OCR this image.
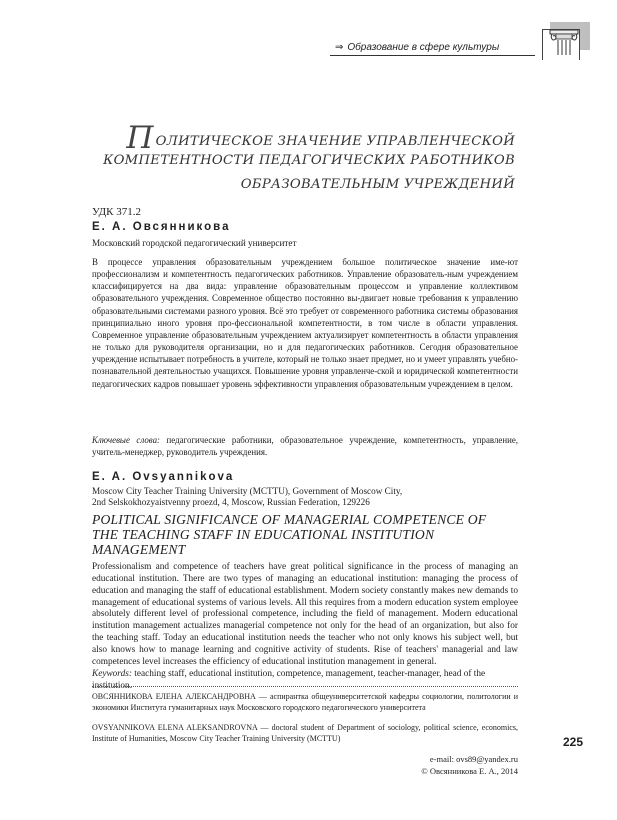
⇒ Образование в сфере культуры
ПОЛИТИЧЕСКОЕ ЗНАЧЕНИЕ УПРАВЛЕНЧЕСКОЙ
КОМПЕТЕНТНОСТИ ПЕДАГОГИЧЕСКИХ РАБОТНИКОВ
ОБРАЗОВАТЕЛЬНЫМ УЧРЕЖДЕНИЙ
УДК 371.2
Е. А. Овсянникова
Московский городской педагогический университет
В процессе управления образовательным учреждением большое политическое значение име-ют профессионализм и компетентность педагогических работников. Управление образователь-ным учреждением классифицируется на два вида: управление образовательным процессом и управление коллективом образовательного учреждения. Современное общество постоянно вы-двигает новые требования к управлению образовательными системами разного уровня. Всё это требует от современного работника системы образования принципиально иного уровня про-фессиональной компетентности, в том числе в области управления. Современное управление образовательным учреждением актуализирует компетентность в области управления не только для руководителя организации, но и для педагогических работников. Сегодня образовательное учреждение испытывает потребность в учителе, который не только знает предмет, но и умеет управлять учебно-познавательной деятельностью учащихся. Повышение уровня управленче-ской и юридической компетентности педагогических кадров повышает уровень эффективности управления образовательным учреждением в целом.
Ключевые слова: педагогические работники, образовательное учреждение, компетентность, управление, учитель-менеджер, руководитель учреждения.
E. A. Ovsyannikova
Moscow City Teacher Training University (MCTTU), Government of Moscow City,
2nd Selskokhozyaistvenny proezd, 4, Moscow, Russian Federation, 129226
POLITICAL SIGNIFICANCE OF MANAGERIAL COMPETENCE OF THE TEACHING STAFF IN EDUCATIONAL INSTITUTION MANAGEMENT
Professionalism and competence of teachers have great political significance in the process of managing an educational institution. There are two types of managing an educational institution: managing the process of education and managing the staff of educational establishment. Modern society constantly makes new demands to management of educational systems of various levels. All this requires from a modern education system employee absolutely different level of professional competence, including the field of management. Modern educational institution management actualizes managerial competence not only for the head of an organization, but also for the teaching staff. Today an educational institution needs the teacher who not only knows his subject well, but also knows how to manage learning and cognitive activity of students. Rise of teachers' managerial and law competences level increases the efficiency of educational institution management in general.
Keywords: teaching staff, educational institution, competence, management, teacher-manager, head of the institution.
ОВСЯННИКОВА ЕЛЕНА АЛЕКСАНДРОВНА — аспирантка общеуниверситетской кафедры социологии, политологии и экономики Института гуманитарных наук Московского городского педагогического университета
OVSYANNIKOVA ELENA ALEKSANDROVNA — doctoral student of Department of sociology, political science, economics, Institute of Humanities, Moscow City Teacher Training University (MCTTU)
e-mail: ovs89@yandex.ru
© Овсянникова Е. А., 2014
225
